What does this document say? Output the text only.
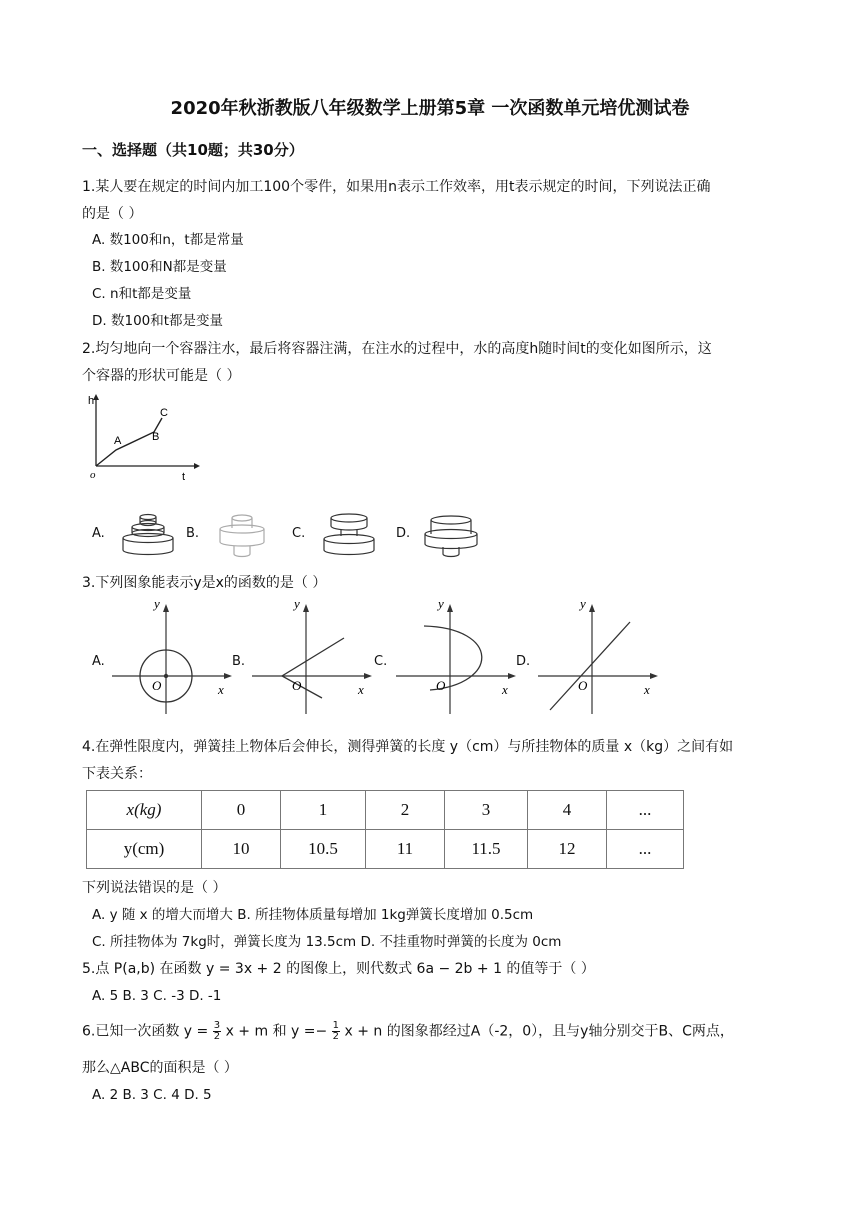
2020年秋浙教版八年级数学上册第5章 一次函数单元培优测试卷
一、选择题（共10题；共30分）
1.某人要在规定的时间内加工100个零件，如果用n表示工作效率，用t表示规定的时间，下列说法正确
的是（ ）
A. 数100和n，t都是常量
B. 数100和N都是变量
C. n和t都是变量
D. 数100和t都是变量
2.均匀地向一个容器注水，最后将容器注满，在注水的过程中，水的高度h随时间t的变化如图所示，这
个容器的形状可能是（ ）
h
t
o
A	B
C
A.	B.	C.	D.
3.下列图象能表示y是x的函数的是（ ）
A.
y
x
O
B.
y
x
O
C.
y
x
O
D.
y
x
O
4.在弹性限度内，弹簧挂上物体后会伸长，测得弹簧的长度 y（cm）与所挂物体的质量 x（kg）之间有如
下表关系：
x(kg)	0	1	2	3	4	...
y(cm)	10	10.5	11	11.5	12	...
下列说法错误的是（ ）
A. y 随 x 的增大而增大 B. 所挂物体质量每增加 1kg弹簧长度增加 0.5cm
C. 所挂物体为 7kg时，弹簧长度为 13.5cm D. 不挂重物时弹簧的长度为 0cm
5.点 P(a,b) 在函数 y = 3x + 2 的图像上，则代数式 6a − 2b + 1 的值等于（ ）
A. 5 B. 3 C. -3 D. -1
6.已知一次函数 $y = \frac{3}{2}$ x + m 和 $y =- \frac{1}{2}$ x + n 的图象都经过A（-2，0），且与y轴分别交于B、C两点，
那么△ABC的面积是（ ）
A. 2 B. 3 C. 4 D. 5
